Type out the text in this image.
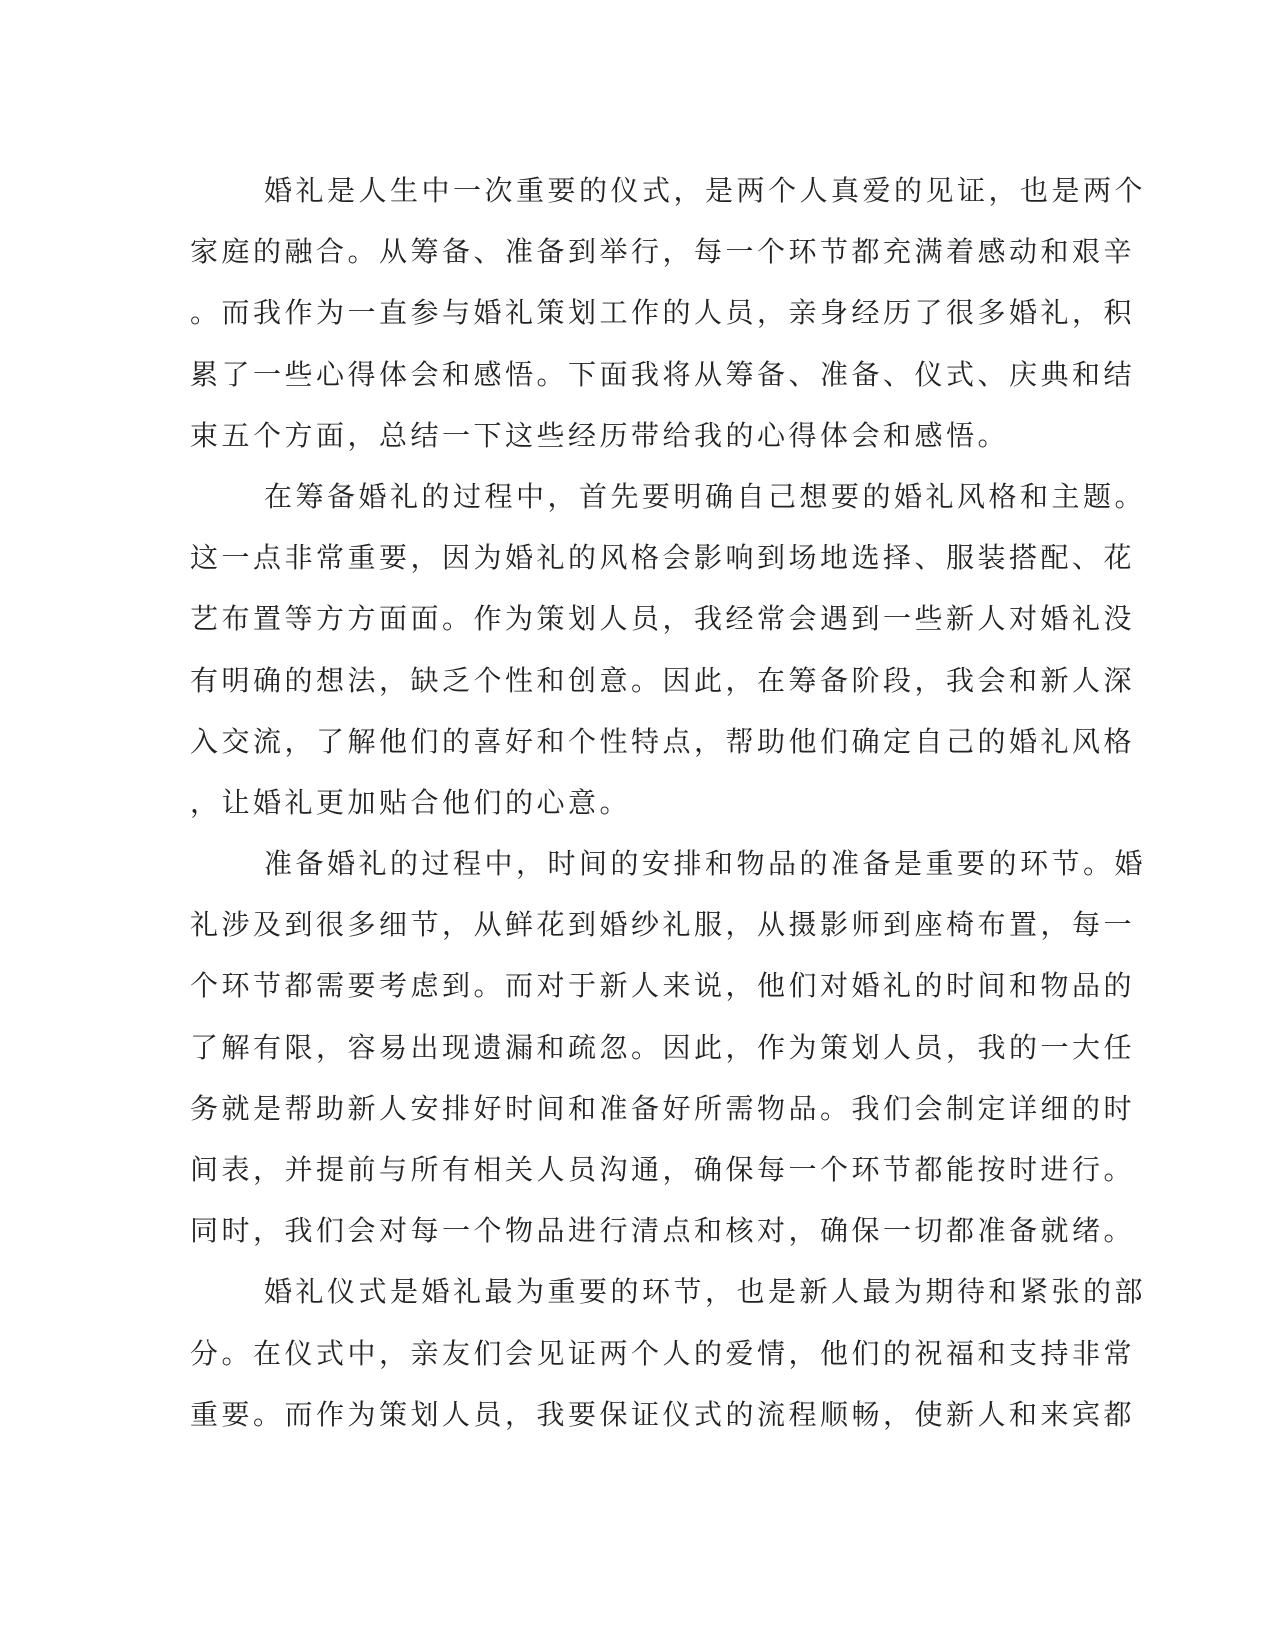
婚礼是人生中一次重要的仪式，是两个人真爱的见证，也是两个
家庭的融合。从筹备、准备到举行，每一个环节都充满着感动和艰辛
。而我作为一直参与婚礼策划工作的人员，亲身经历了很多婚礼，积
累了一些心得体会和感悟。下面我将从筹备、准备、仪式、庆典和结
束五个方面，总结一下这些经历带给我的心得体会和感悟。
在筹备婚礼的过程中，首先要明确自己想要的婚礼风格和主题。
这一点非常重要，因为婚礼的风格会影响到场地选择、服装搭配、花
艺布置等方方面面。作为策划人员，我经常会遇到一些新人对婚礼没
有明确的想法，缺乏个性和创意。因此，在筹备阶段，我会和新人深
入交流，了解他们的喜好和个性特点，帮助他们确定自己的婚礼风格
，让婚礼更加贴合他们的心意。
准备婚礼的过程中，时间的安排和物品的准备是重要的环节。婚
礼涉及到很多细节，从鲜花到婚纱礼服，从摄影师到座椅布置，每一
个环节都需要考虑到。而对于新人来说，他们对婚礼的时间和物品的
了解有限，容易出现遗漏和疏忽。因此，作为策划人员，我的一大任
务就是帮助新人安排好时间和准备好所需物品。我们会制定详细的时
间表，并提前与所有相关人员沟通，确保每一个环节都能按时进行。
同时，我们会对每一个物品进行清点和核对，确保一切都准备就绪。
婚礼仪式是婚礼最为重要的环节，也是新人最为期待和紧张的部
分。在仪式中，亲友们会见证两个人的爱情，他们的祝福和支持非常
重要。而作为策划人员，我要保证仪式的流程顺畅，使新人和来宾都
